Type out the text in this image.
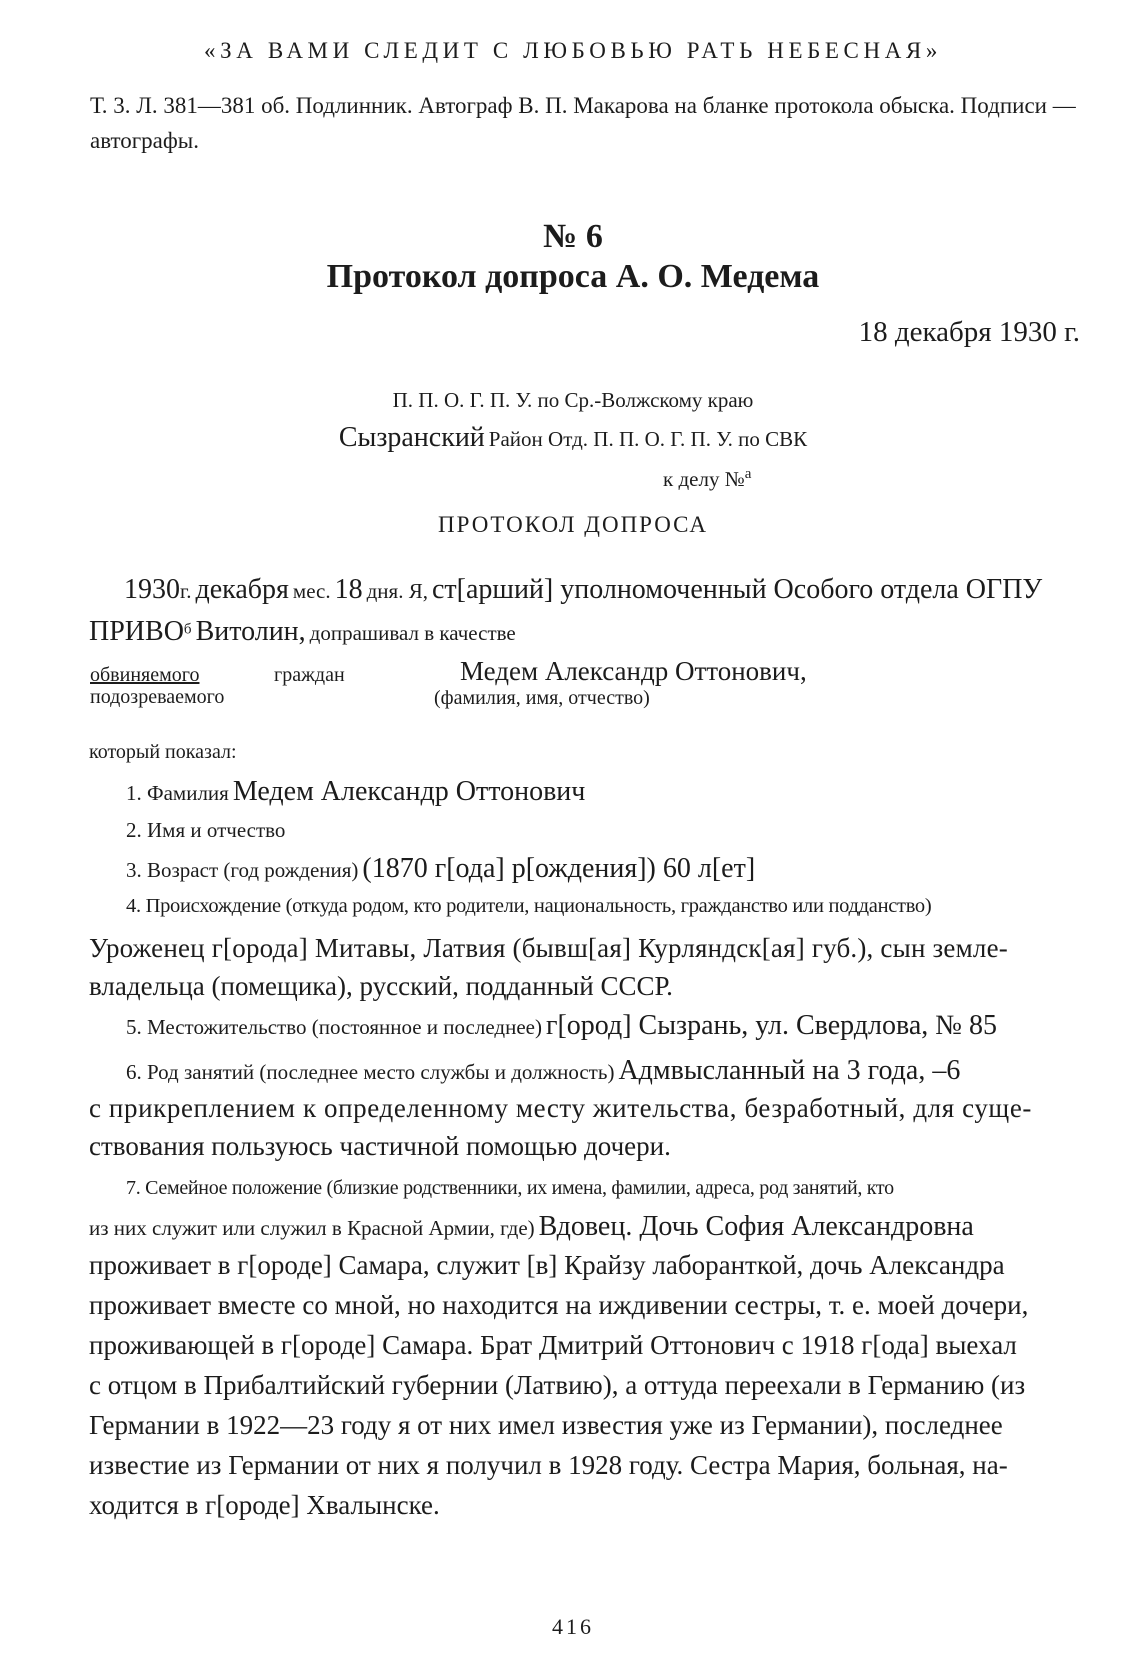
«ЗА ВАМИ СЛЕДИТ С ЛЮБОВЬЮ РАТЬ НЕБЕСНАЯ»
Т. 3. Л. 381—381 об. Подлинник. Автограф В. П. Макарова на бланке протокола обыска. Подписи — автографы.
№ 6
Протокол допроса А. О. Медема
18 декабря 1930 г.
П. П. О. Г. П. У. по Ср.-Волжскому краю
Сызранский Район Отд. П. П. О. Г. П. У. по СВК
к делу №$^а$
ПРОТОКОЛ ДОПРОСА
1930г. декабря мес. 18 дня. Я, ст[арший] уполномоченный Особого отдела ОГПУ
ПРИВОб Витолин, допрашивал в качестве
обвиняемого
подозреваемого
граждан	Медем Александр Оттонович,
(фамилия, имя, отчество)
который показал:
1. Фамилия Медем Александр Оттонович
2. Имя и отчество
3. Возраст (год рождения) (1870 г[ода] р[ождения]) 60 л[ет]
4. Происхождение (откуда родом, кто родители, национальность, гражданство или подданство)
Уроженец г[орода] Митавы, Латвия (бывш[ая] Курляндск[ая] губ.), сын земле-
владельца (помещика), русский, подданный СССР.
5. Местожительство (постоянное и последнее) г[ород] Сызрань, ул. Свердлова, № 85
6. Род занятий (последнее место службы и должность) Адмвысланный на 3 года, –6
с прикреплением к определенному месту жительства, безработный, для суще-
ствования пользуюсь частичной помощью дочери.
7. Семейное положение (близкие родственники, их имена, фамилии, адреса, род занятий, кто
из них служит или служил в Красной Армии, где) Вдовец. Дочь София Александровна
проживает в г[ороде] Самара, служит [в] Крайзу лаборанткой, дочь Александра
проживает вместе со мной, но находится на иждивении сестры, т. е. моей дочери,
проживающей в г[ороде] Самара. Брат Дмитрий Оттонович с 1918 г[ода] выехал
с отцом в Прибалтийский губернии (Латвию), а оттуда переехали в Германию (из
Германии в 1922—23 году я от них имел известия уже из Германии), последнее
известие из Германии от них я получил в 1928 году. Сестра Мария, больная, на-
ходится в г[ороде] Хвалынске.
416
